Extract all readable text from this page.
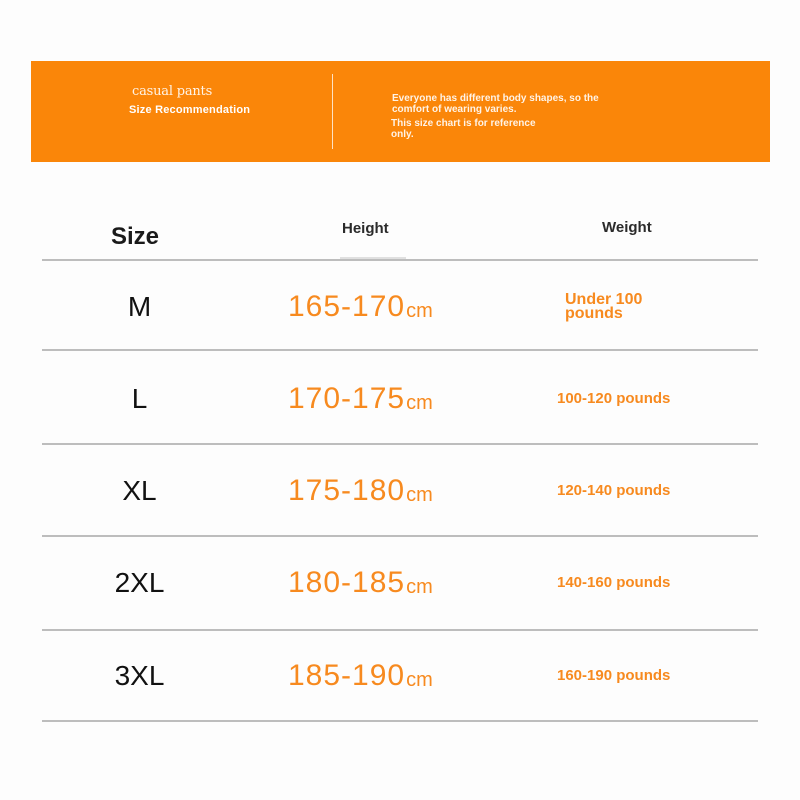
casual pants
Size Recommendation
Everyone has different body shapes, so the comfort of wearing varies.
This size chart is for reference only.
Size	Height	Weight
M	165-170 cm	Under 100 pounds
L	170-175 cm	100-120 pounds
XL	175-180 cm	120-140 pounds
2XL	180-185 cm	140-160 pounds
3XL	185-190 cm	160-190 pounds
